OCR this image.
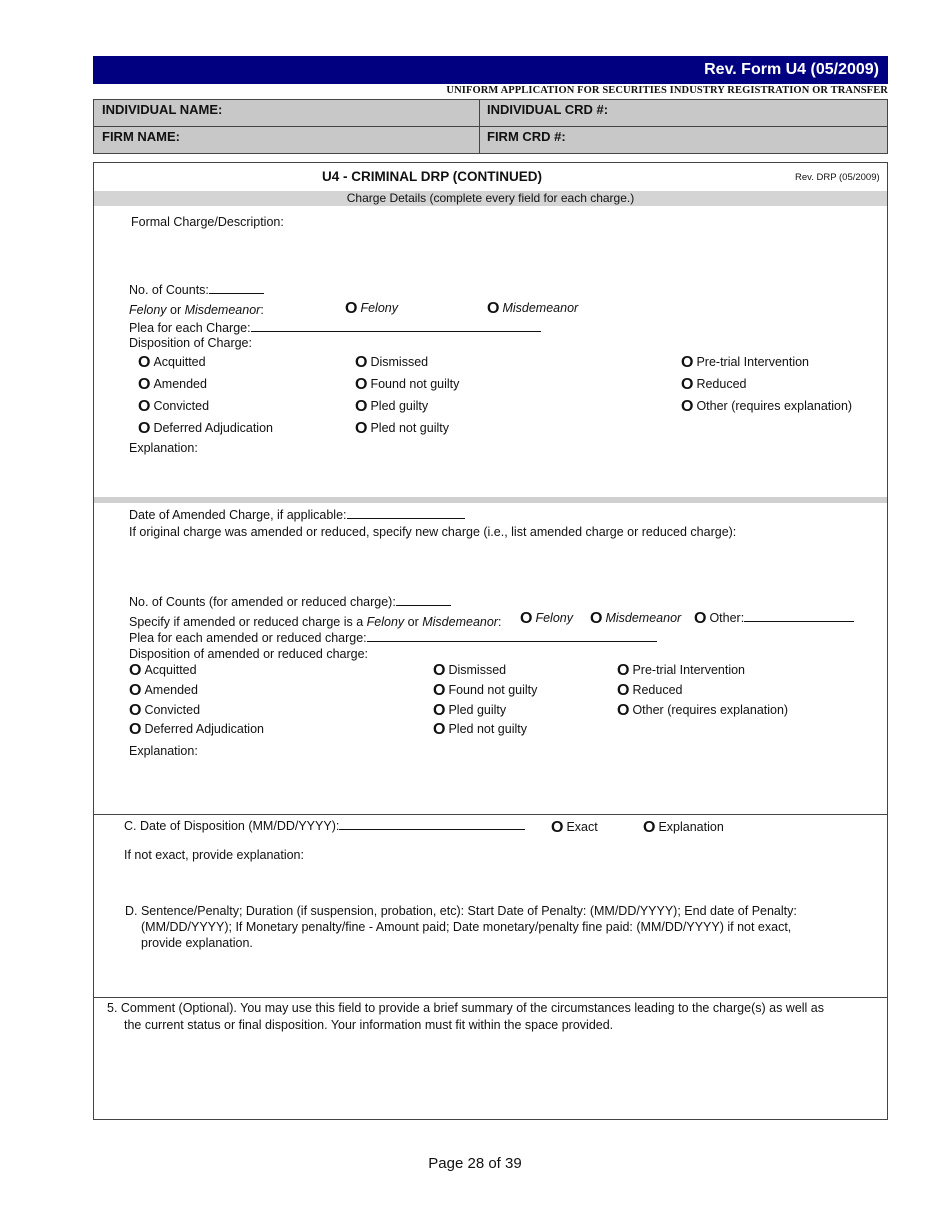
Rev. Form U4 (05/2009)
UNIFORM APPLICATION FOR SECURITIES INDUSTRY REGISTRATION OR TRANSFER
INDIVIDUAL NAME:	INDIVIDUAL CRD #:
FIRM NAME:	FIRM CRD #:
U4 - CRIMINAL DRP (CONTINUED)	Rev. DRP (05/2009)
Charge Details (complete every field for each charge.)
Formal Charge/Description:
No. of Counts:
Felony or Misdemeanor:	O Felony	O Misdemeanor
Plea for each Charge:
Disposition of Charge:
O Acquitted
O Amended
O Convicted
O Deferred Adjudication
O Dismissed
O Found not guilty
O Pled guilty
O Pled not guilty
O Pre-trial Intervention
O Reduced
O Other (requires explanation)
Explanation:
Date of Amended Charge, if applicable:
If original charge was amended or reduced, specify new charge (i.e., list amended charge or reduced charge):
No. of Counts (for amended or reduced charge):
Specify if amended or reduced charge is a Felony or Misdemeanor: O Felony O Misdemeanor O Other:
Plea for each amended or reduced charge:
Disposition of amended or reduced charge:
O Acquitted
O Amended
O Convicted
O Deferred Adjudication
O Dismissed
O Found not guilty
O Pled guilty
O Pled not guilty
O Pre-trial Intervention
O Reduced
O Other (requires explanation)
Explanation:
C. Date of Disposition (MM/DD/YYYY):	O Exact	O Explanation
If not exact, provide explanation:
D. Sentence/Penalty; Duration (if suspension, probation, etc): Start Date of Penalty: (MM/DD/YYYY); End date of Penalty:
(MM/DD/YYYY); If Monetary penalty/fine - Amount paid; Date monetary/penalty fine paid: (MM/DD/YYYY) if not exact,
provide explanation.
5. Comment (Optional). You may use this field to provide a brief summary of the circumstances leading to the charge(s) as well as
the current status or final disposition. Your information must fit within the space provided.
Page 28 of 39
